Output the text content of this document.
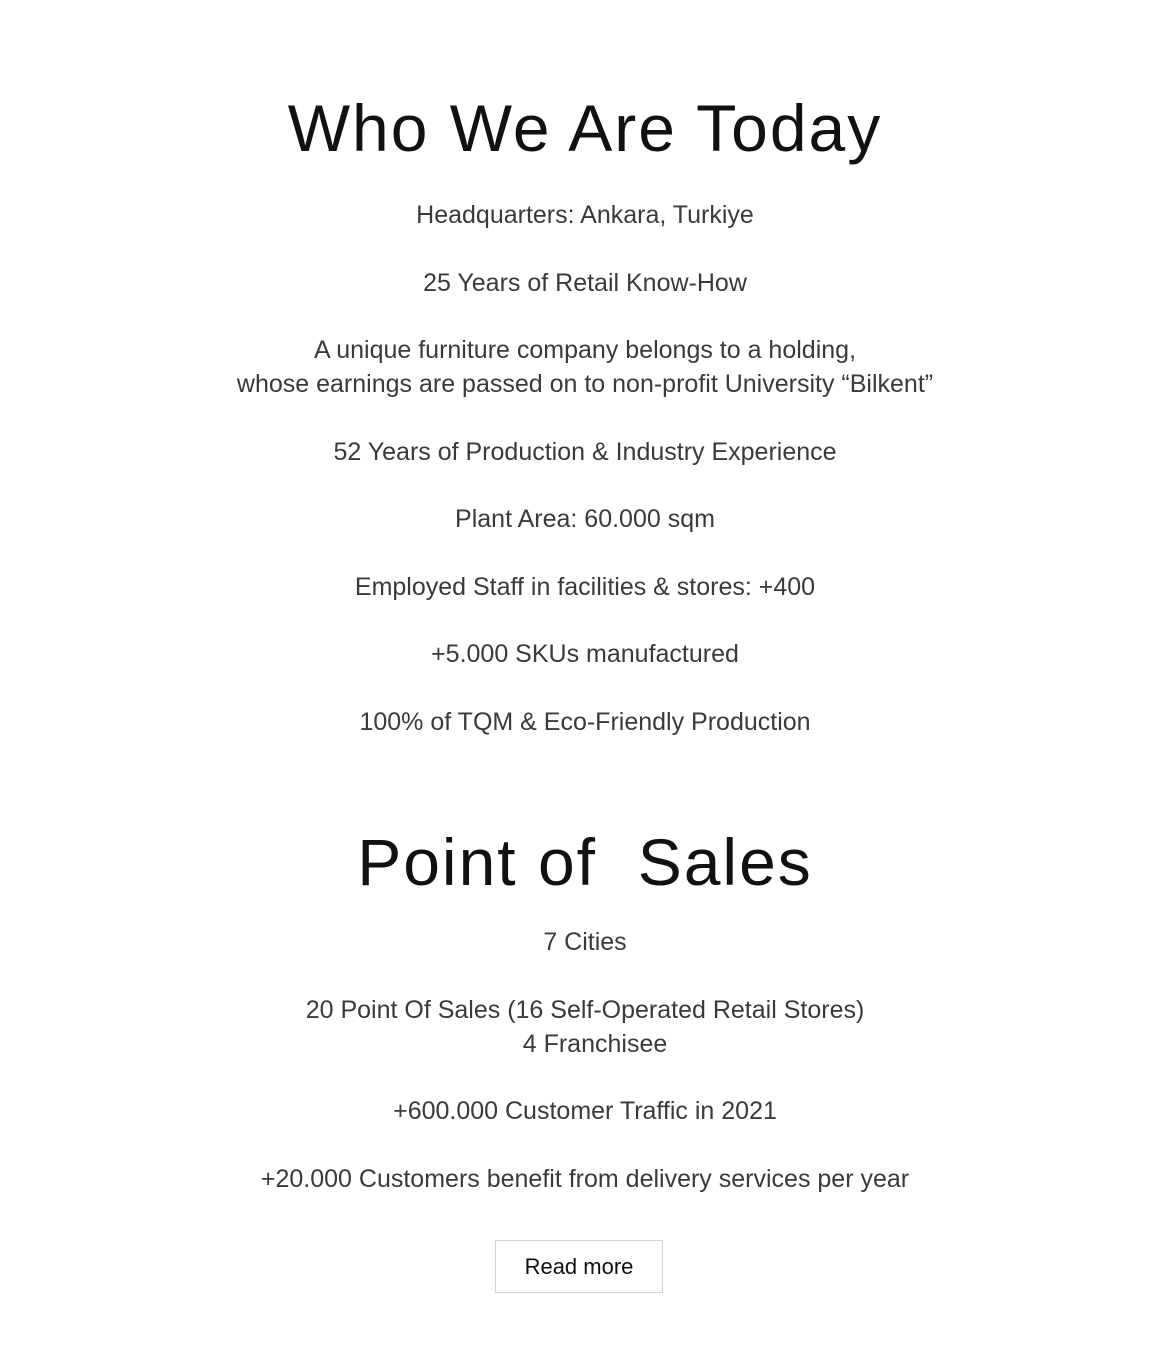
Who We Are Today
Headquarters: Ankara, Turkiye
25 Years of Retail Know-How
A unique furniture company belongs to a holding,
whose earnings are passed on to non-profit University “Bilkent”
52 Years of Production & Industry Experience
Plant Area: 60.000 sqm
Employed Staff in facilities & stores: +400
+5.000 SKUs manufactured
100% of TQM & Eco-Friendly Production
Point of  Sales
7 Cities
20 Point Of Sales (16 Self-Operated Retail Stores)
4 Franchisee
+600.000 Customer Traffic in 2021
+20.000 Customers benefit from delivery services per year
Read more
